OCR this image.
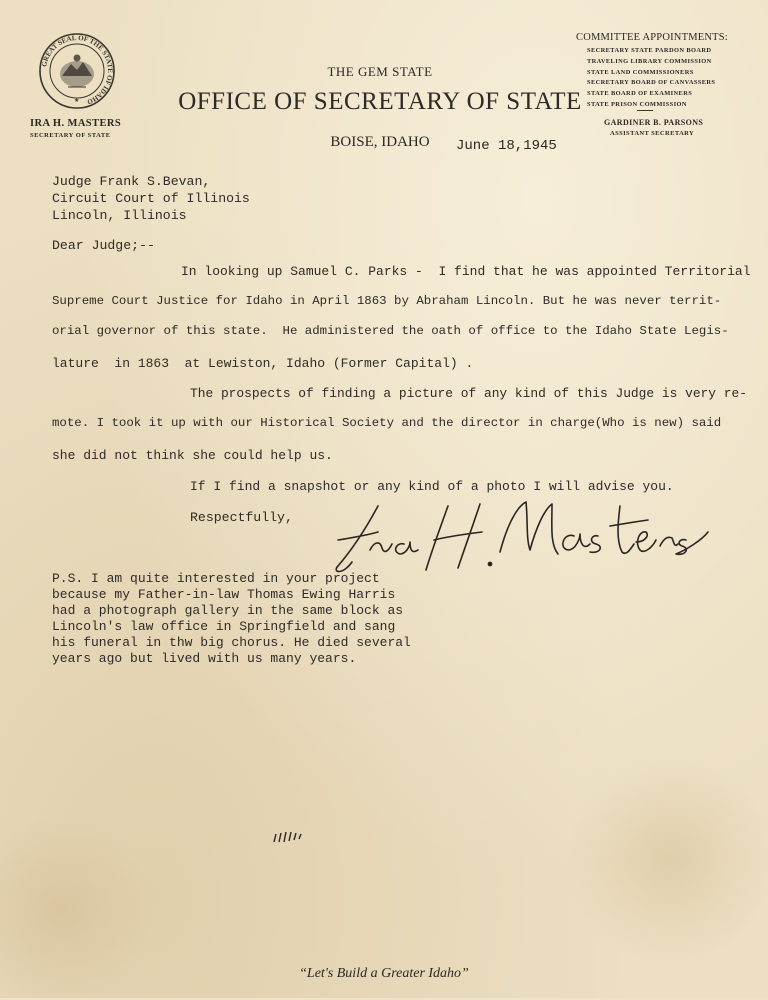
GREAT SEAL OF THE STATE OF IDAHO
★
IRA H. MASTERS
SECRETARY OF STATE
THE GEM STATE
OFFICE OF SECRETARY OF STATE
BOISE, IDAHO	June 18,1945
COMMITTEE APPOINTMENTS:
SECRETARY STATE PARDON BOARD
TRAVELING LIBRARY COMMISSION
STATE LAND COMMISSIONERS
SECRETARY BOARD OF CANVASSERS
STATE BOARD OF EXAMINERS
STATE PRISON COMMISSION
GARDINER B. PARSONS
ASSISTANT SECRETARY
Judge Frank S.Bevan,
Circuit Court of Illinois
Lincoln, Illinois
Dear Judge;--
In looking up Samuel C. Parks -  I find that he was appointed Territorial
Supreme Court Justice for Idaho in April 1863 by Abraham Lincoln. But he was never territ-
orial governor of this state.  He administered the oath of office to the Idaho State Legis-
lature  in 1863  at Lewiston, Idaho (Former Capital) .
The prospects of finding a picture of any kind of this Judge is very re-
mote. I took it up with our Historical Society and the director in charge(Who is new) said
she did not think she could help us.
If I find a snapshot or any kind of a photo I will advise you.
Respectfully,
P.S. I am quite interested in your project
because my Father-in-law Thomas Ewing Harris
had a photograph gallery in the same block as
Lincoln's law office in Springfield and sang
his funeral in thw big chorus. He died several
years ago but lived with us many years.
“Let's Build a Greater Idaho”
